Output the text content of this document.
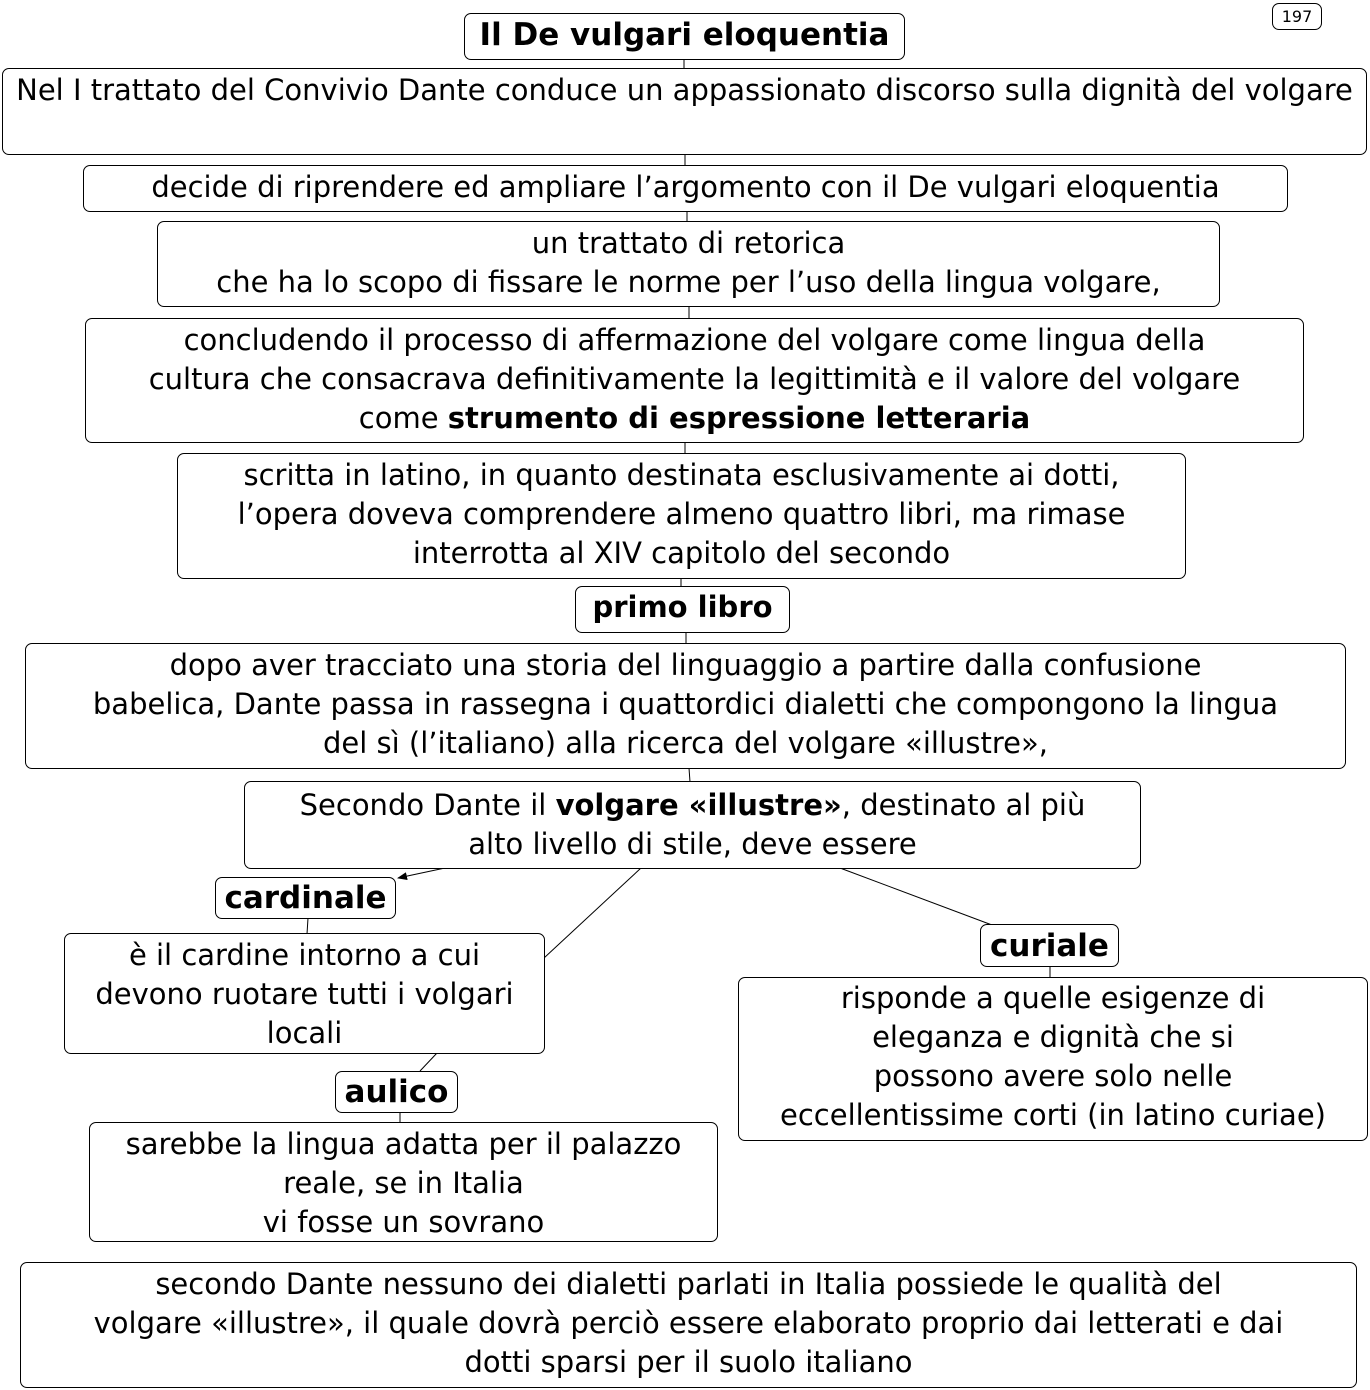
197
Il De vulgari eloquentia
Nel I trattato del Convivio Dante conduce un appassionato discorso sulla dignità del volgare
decide di riprendere ed ampliare l’argomento con il De vulgari eloquentia
un trattato di retorica
che ha lo scopo di fissare le norme per l’uso della lingua volgare,
concludendo il processo di affermazione del volgare come lingua della
cultura che consacrava definitivamente la legittimità e il valore del volgare
come strumento di espressione letteraria
scritta in latino, in quanto destinata esclusivamente ai dotti,
l’opera doveva comprendere almeno quattro libri, ma rimase
interrotta al XIV capitolo del secondo
primo libro
dopo aver tracciato una storia del linguaggio a partire dalla confusione
babelica, Dante passa in rassegna i quattordici dialetti che compongono la lingua
del sì (l’italiano) alla ricerca del volgare «illustre»,
Secondo Dante il volgare «illustre», destinato al più
alto livello di stile, deve essere
cardinale
è il cardine intorno a cui
devono ruotare tutti i volgari
locali
aulico
sarebbe la lingua adatta per il palazzo
reale, se in Italia
vi fosse un sovrano
curiale
risponde a quelle esigenze di
eleganza e dignità che si
possono avere solo nelle
eccellentissime corti (in latino curiae)
secondo Dante nessuno dei dialetti parlati in Italia possiede le qualità del
volgare «illustre», il quale dovrà perciò essere elaborato proprio dai letterati e dai
dotti sparsi per il suolo italiano
